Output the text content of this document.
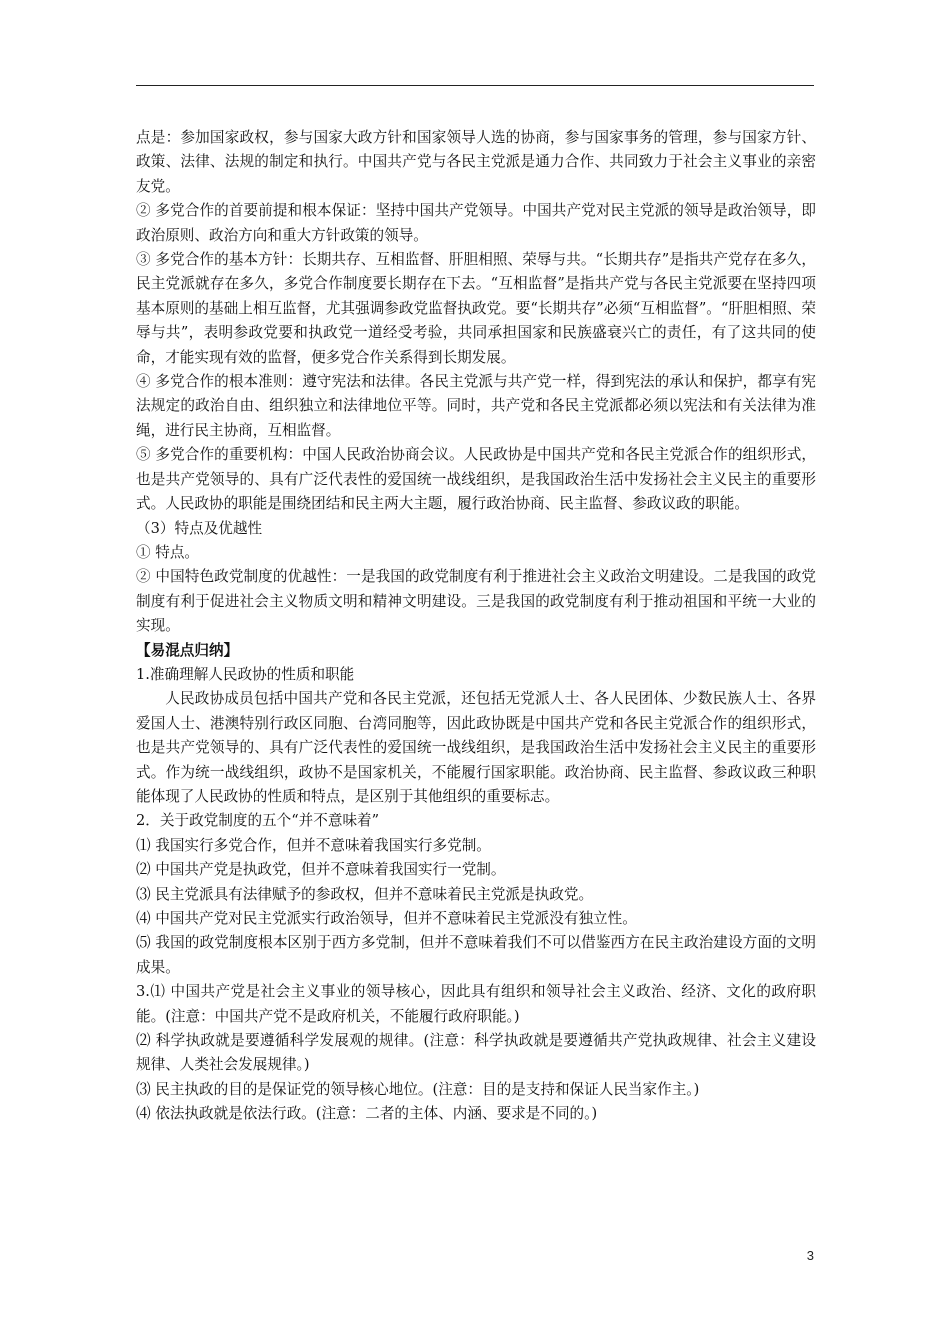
点是：参加国家政权，参与国家大政方针和国家领导人选的协商，参与国家事务的管理，参与国家方针、政策、法律、法规的制定和执行。中国共产党与各民主党派是通力合作、共同致力于社会主义事业的亲密友党。

② 多党合作的首要前提和根本保证：坚持中国共产党领导。中国共产党对民主党派的领导是政治领导，即政治原则、政治方向和重大方针政策的领导。

③ 多党合作的基本方针：长期共存、互相监督、肝胆相照、荣辱与共。“长期共存”是指共产党存在多久，民主党派就存在多久，多党合作制度要长期存在下去。“互相监督”是指共产党与各民主党派要在坚持四项基本原则的基础上相互监督，尤其强调参政党监督执政党。要“长期共存”必须“互相监督”。“肝胆相照、荣辱与共”，表明参政党要和执政党一道经受考验，共同承担国家和民族盛衰兴亡的责任，有了这共同的使命，才能实现有效的监督，便多党合作关系得到长期发展。

④ 多党合作的根本准则：遵守宪法和法律。各民主党派与共产党一样，得到宪法的承认和保护，都享有宪法规定的政治自由、组织独立和法律地位平等。同时，共产党和各民主党派都必须以宪法和有关法律为准绳，进行民主协商，互相监督。

⑤ 多党合作的重要机构：中国人民政治协商会议。人民政协是中国共产党和各民主党派合作的组织形式，也是共产党领导的、具有广泛代表性的爱国统一战线组织，是我国政治生活中发扬社会主义民主的重要形式。人民政协的职能是围绕团结和民主两大主题，履行政治协商、民主监督、参政议政的职能。

（3）特点及优越性

① 特点。

② 中国特色政党制度的优越性：一是我国的政党制度有利于推进社会主义政治文明建设。二是我国的政党制度有利于促进社会主义物质文明和精神文明建设。三是我国的政党制度有利于推动祖国和平统一大业的实现。

【易混点归纳】

1.准确理解人民政协的性质和职能

人民政协成员包括中国共产党和各民主党派，还包括无党派人士、各人民团体、少数民族人士、各界爱国人士、港澳特别行政区同胞、台湾同胞等，因此政协既是中国共产党和各民主党派合作的组织形式，也是共产党领导的、具有广泛代表性的爱国统一战线组织，是我国政治生活中发扬社会主义民主的重要形式。作为统一战线组织，政协不是国家机关，不能履行国家职能。政治协商、民主监督、参政议政三种职能体现了人民政协的性质和特点，是区别于其他组织的重要标志。

2．关于政党制度的五个“并不意味着”

⑴ 我国实行多党合作，但并不意味着我国实行多党制。

⑵ 中国共产党是执政党，但并不意味着我国实行一党制。

⑶ 民主党派具有法律赋予的参政权，但并不意味着民主党派是执政党。

⑷ 中国共产党对民主党派实行政治领导，但并不意味着民主党派没有独立性。

⑸ 我国的政党制度根本区别于西方多党制，但并不意味着我们不可以借鉴西方在民主政治建设方面的文明成果。

3.⑴ 中国共产党是社会主义事业的领导核心，因此具有组织和领导社会主义政治、经济、文化的政府职能。(注意：中国共产党不是政府机关，不能履行政府职能。)

⑵ 科学执政就是要遵循科学发展观的规律。(注意：科学执政就是要遵循共产党执政规律、社会主义建设规律、人类社会发展规律。)

⑶ 民主执政的目的是保证党的领导核心地位。(注意：目的是支持和保证人民当家作主。)

⑷ 依法执政就是依法行政。(注意：二者的主体、内涵、要求是不同的。)

3
